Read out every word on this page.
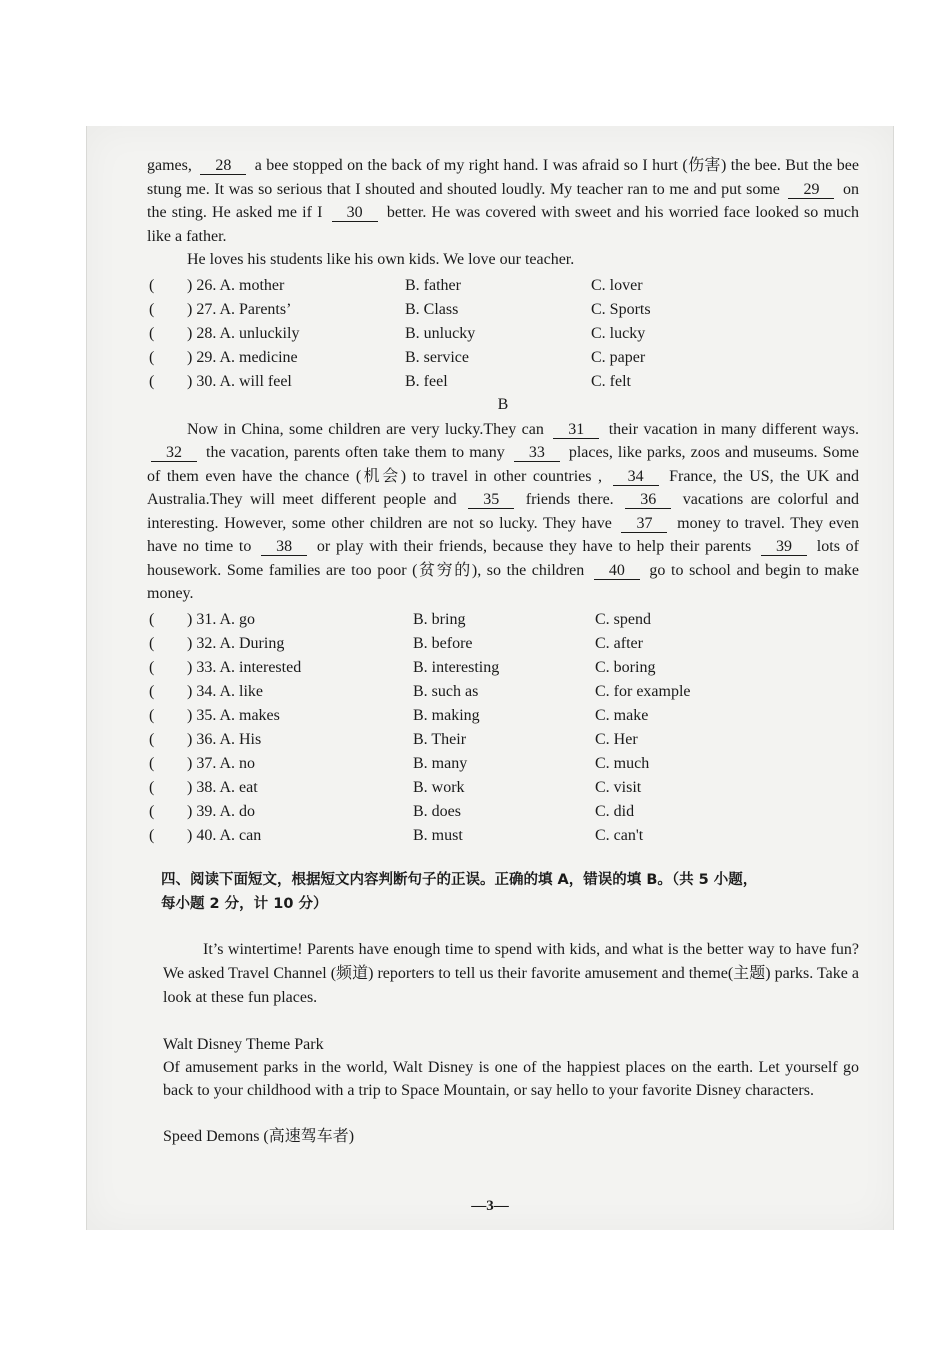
games, 28 a bee stopped on the back of my right hand. I was afraid so I hurt (伤害) the bee. But the bee stung me. It was so serious that I shouted and shouted loudly. My teacher ran to me and put some 29 on the sting. He asked me if I 30 better. He was covered with sweet and his worried face looked so much like a father.

He loves his students like his own kids. We love our teacher.

(	) 26. A. mother	B. father	C. lover
(	) 27. A. Parents’	B. Class	C. Sports
(	) 28. A. unluckily	B. unlucky	C. lucky
(	) 29. A. medicine	B. service	C. paper
(	) 30. A. will feel	B. feel	C. felt
B

Now in China, some children are very lucky.They can 31 their vacation in many different ways. 32 the vacation, parents often take them to many 33 places, like parks, zoos and museums. Some of them even have the chance (机会) to travel in other countries , 34 France, the US, the UK and Australia.They will meet different people and 35 friends there. 36 vacations are colorful and interesting. However, some other children are not so lucky. They have 37 money to travel. They even have no time to 38 or play with their friends, because they have to help their parents 39 lots of housework. Some families are too poor (贫穷的), so the children 40 go to school and begin to make money.

(	) 31. A. go	B. bring	C. spend
(	) 32. A. During	B. before	C. after
(	) 33. A. interested	B. interesting	C. boring
(	) 34. A. like	B. such as	C. for example
(	) 35. A. makes	B. making	C. make
(	) 36. A. His	B. Their	C. Her
(	) 37. A. no	B. many	C. much
(	) 38. A. eat	B. work	C. visit
(	) 39. A. do	B. does	C. did
(	) 40. A. can	B. must	C. can't
四、阅读下面短文，根据短文内容判断句子的正误。正确的填 A，错误的填 B。（共 5 小题，
每小题 2 分，计 10 分）

It’s wintertime! Parents have enough time to spend with kids, and what is the better way to have fun? We asked Travel Channel (频道) reporters to tell us their favorite amusement and theme(主题) parks. Take a look at these fun places.

Walt Disney Theme Park
Of amusement parks in the world, Walt Disney is one of the happiest places on the earth. Let yourself go back to your childhood with a trip to Space Mountain, or say hello to your favorite Disney characters.
Speed Demons (高速驾车者)
—3—
